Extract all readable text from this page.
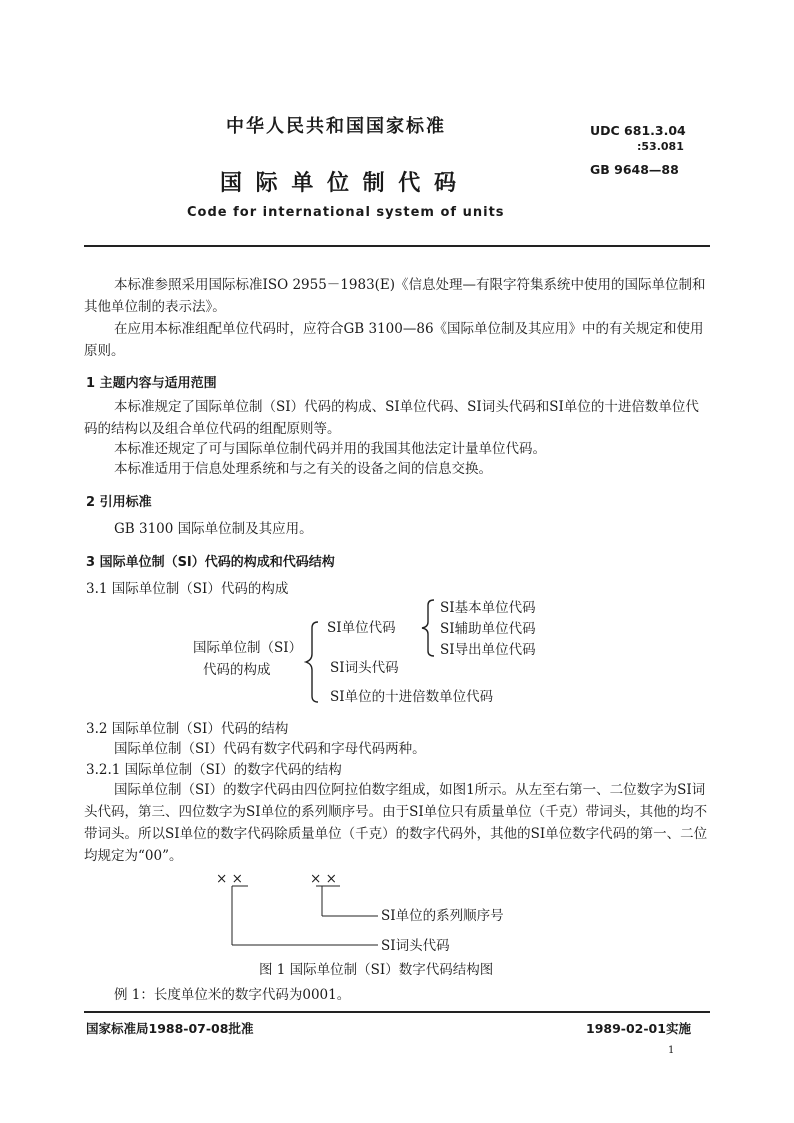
中华人民共和国国家标准
国 际 单 位 制 代 码
Code for international system of units
UDC 681.3.04
:53.081
GB 9648—88
本标准参照采用国际标准ISO 2955－1983(E)《信息处理—有限字符集系统中使用的国际单位制和其他单位制的表示法》。
在应用本标准组配单位代码时，应符合GB 3100—86《国际单位制及其应用》中的有关规定和使用原则。
1 主题内容与适用范围
本标准规定了国际单位制（SI）代码的构成、SI单位代码、SI词头代码和SI单位的十进倍数单位代码的结构以及组合单位代码的组配原则等。
本标准还规定了可与国际单位制代码并用的我国其他法定计量单位代码。
本标准适用于信息处理系统和与之有关的设备之间的信息交换。
2 引用标准
GB 3100 国际单位制及其应用。
3 国际单位制（SI）代码的构成和代码结构
3.1 国际单位制（SI）代码的构成
国际单位制（SI）
代码的构成
SI单位代码
SI基本单位代码
SI辅助单位代码
SI导出单位代码
SI词头代码
SI单位的十进倍数单位代码
3.2 国际单位制（SI）代码的结构
国际单位制（SI）代码有数字代码和字母代码两种。
3.2.1 国际单位制（SI）的数字代码的结构
国际单位制（SI）的数字代码由四位阿拉伯数字组成，如图1所示。从左至右第一、二位数字为SI词头代码，第三、四位数字为SI单位的系列顺序号。由于SI单位只有质量单位（千克）带词头，其他的均不带词头。所以SI单位的数字代码除质量单位（千克）的数字代码外，其他的SI单位数字代码的第一、二位均规定为“00”。
× ×	× ×
SI单位的系列顺序号
SI词头代码
图 1 国际单位制（SI）数字代码结构图
例 1：长度单位米的数字代码为0001。
国家标准局1988-07-08批准	1989-02-01实施
1
